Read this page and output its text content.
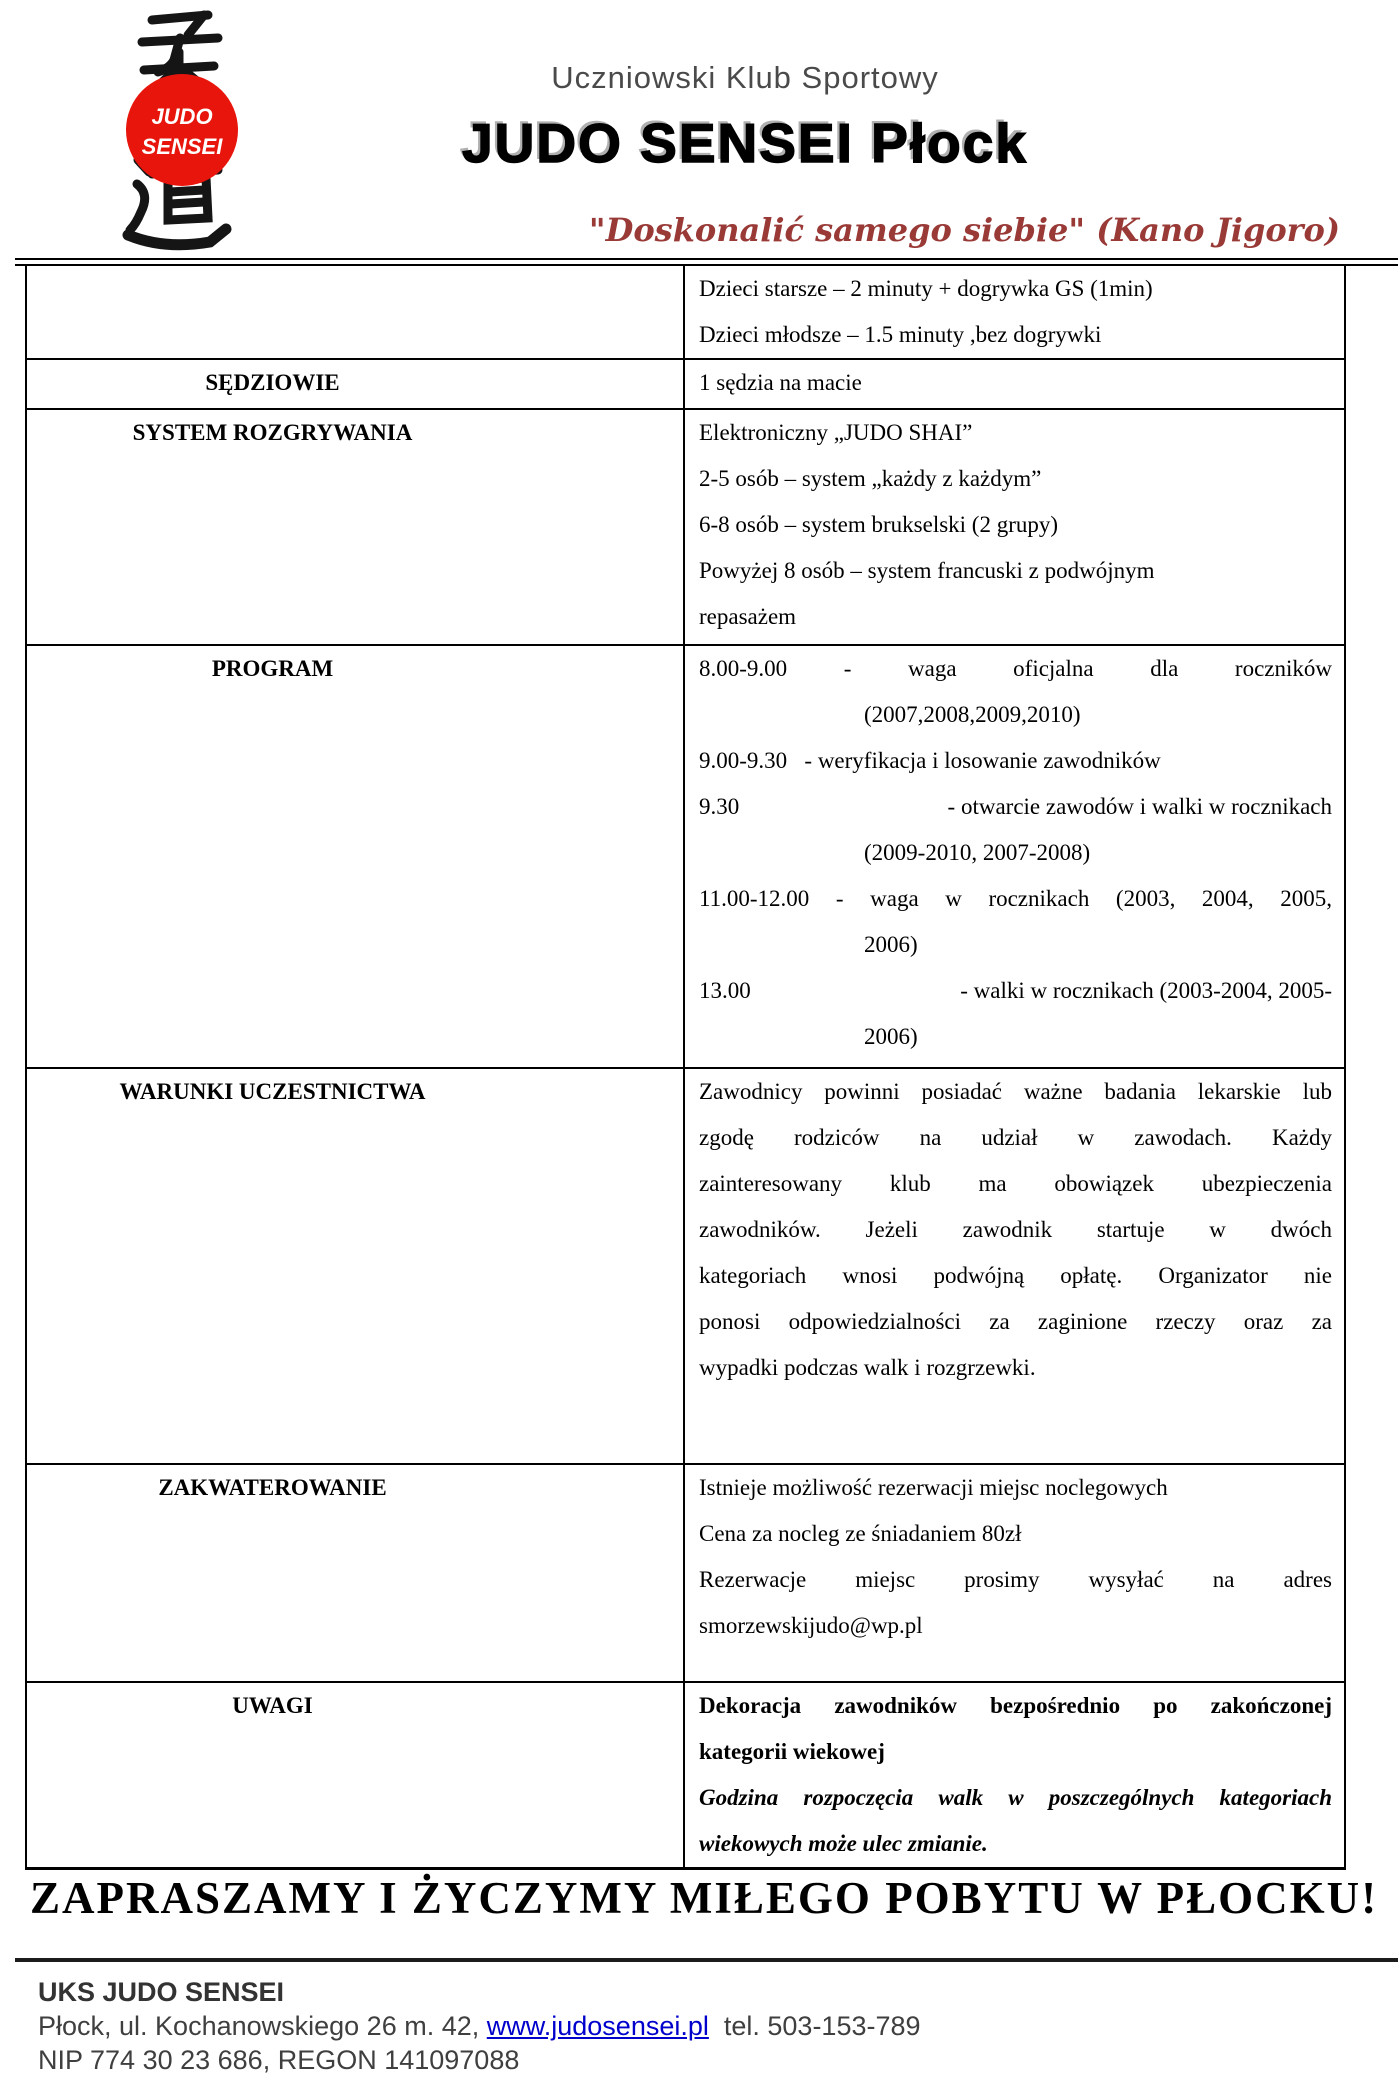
JUDO
SENSEI
Uczniowski Klub Sportowy
JUDO SENSEI Płock
"Doskonalić samego siebie" (Kano Jigoro)

	Dzieci starsze – 2 minuty + dogrywka GS (1min)
Dzieci młodsze – 1.5 minuty ,bez dogrywki

SĘDZIOWIE	1 sędzia na macie

SYSTEM ROZGRYWANIA	Elektroniczny „JUDO SHAI”
2-5 osób – system „każdy z każdym”
6-8 osób – system brukselski (2 grupy)
Powyżej 8 osób – system francuski z podwójnym
repasażem

PROGRAM	8.00-9.00 - waga oficjalna dla roczników
(2007,2008,2009,2010)
9.00-9.30   - weryfikacja i losowanie zawodników
9.30	- otwarcie zawodów i walki w rocznikach
(2009-2010, 2007-2008)
11.00-12.00 - waga w rocznikach (2003, 2004, 2005,
2006)
13.00	- walki w rocznikach (2003-2004, 2005-
2006)

WARUNKI UCZESTNICTWA	Zawodnicy powinni posiadać ważne badania lekarskie lub
zgodę rodziców na udział w zawodach. Każdy
zainteresowany klub ma obowiązek ubezpieczenia
zawodników. Jeżeli zawodnik startuje w dwóch
kategoriach wnosi podwójną opłatę. Organizator nie
ponosi odpowiedzialności za zaginione rzeczy oraz za
wypadki podczas walk i rozgrzewki.

ZAKWATEROWANIE	Istnieje możliwość rezerwacji miejsc noclegowych
Cena za nocleg ze śniadaniem 80zł
Rezerwacje miejsc prosimy wysyłać na adres
smorzewskijudo@wp.pl

UWAGI	Dekoracja zawodników bezpośrednio po zakończonej
kategorii wiekowej
Godzina rozpoczęcia walk w poszczególnych kategoriach
wiekowych może ulec zmianie.
ZAPRASZAMY I ŻYCZYMY MIŁEGO POBYTU W PŁOCKU!
UKS JUDO SENSEI
Płock, ul. Kochanowskiego 26 m. 42, www.judosensei.pl  tel. 503-153-789
NIP 774 30 23 686, REGON 141097088
